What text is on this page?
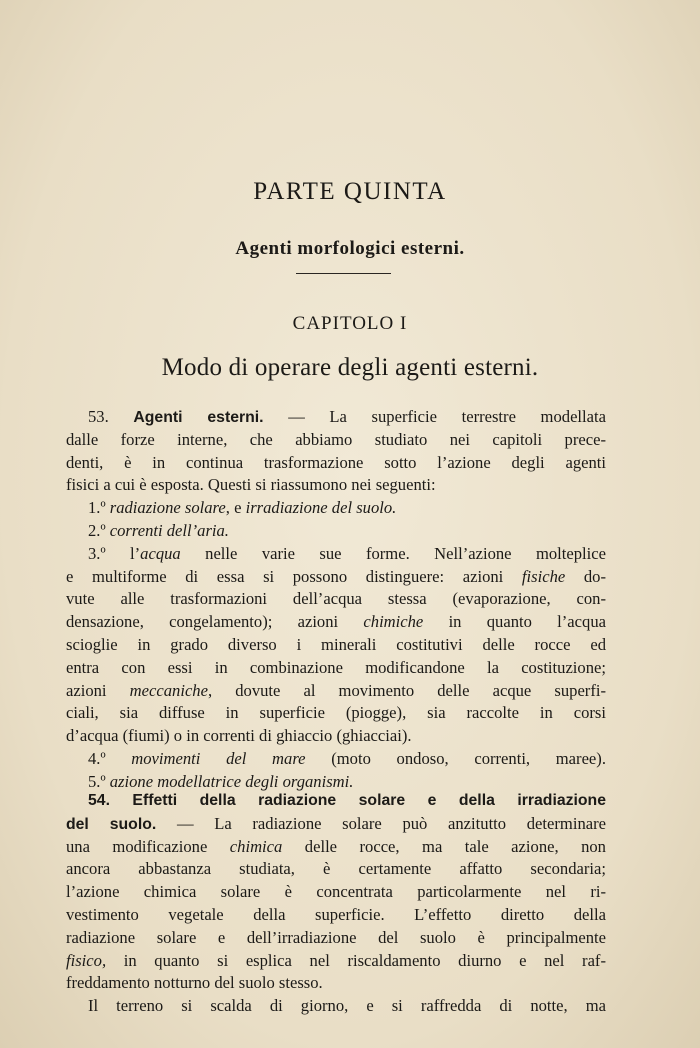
PARTE QUINTA
Agenti morfologici esterni.
CAPITOLO I
Modo di operare degli agenti esterni.
53. Agenti esterni. — La superficie terrestre modellata
dalle forze interne, che abbiamo studiato nei capitoli prece-
denti, è in continua trasformazione sotto l’azione degli agenti
fisici a cui è esposta. Questi si riassumono nei seguenti:
1.º radiazione solare, e irradiazione del suolo.
2.º correnti dell’aria.
3.º l’acqua nelle varie sue forme. Nell’azione molteplice
e multiforme di essa si possono distinguere: azioni fisiche do-
vute alle trasformazioni dell’acqua stessa (evaporazione, con-
densazione, congelamento); azioni chimiche in quanto l’acqua
scioglie in grado diverso i minerali costitutivi delle rocce ed
entra con essi in combinazione modificandone la costituzione;
azioni meccaniche, dovute al movimento delle acque superfi-
ciali, sia diffuse in superficie (piogge), sia raccolte in corsi
d’acqua (fiumi) o in correnti di ghiaccio (ghiacciai).
4.º movimenti del mare (moto ondoso, correnti, maree).
5.º azione modellatrice degli organismi.
54. Effetti della radiazione solare e della irradiazione
del suolo. — La radiazione solare può anzitutto determinare
una modificazione chimica delle rocce, ma tale azione, non
ancora abbastanza studiata, è certamente affatto secondaria;
l’azione chimica solare è concentrata particolarmente nel ri-
vestimento vegetale della superficie. L’effetto diretto della
radiazione solare e dell’irradiazione del suolo è principalmente
fisico, in quanto si esplica nel riscaldamento diurno e nel raf-
freddamento notturno del suolo stesso.
Il terreno si scalda di giorno, e si raffredda di notte, ma
